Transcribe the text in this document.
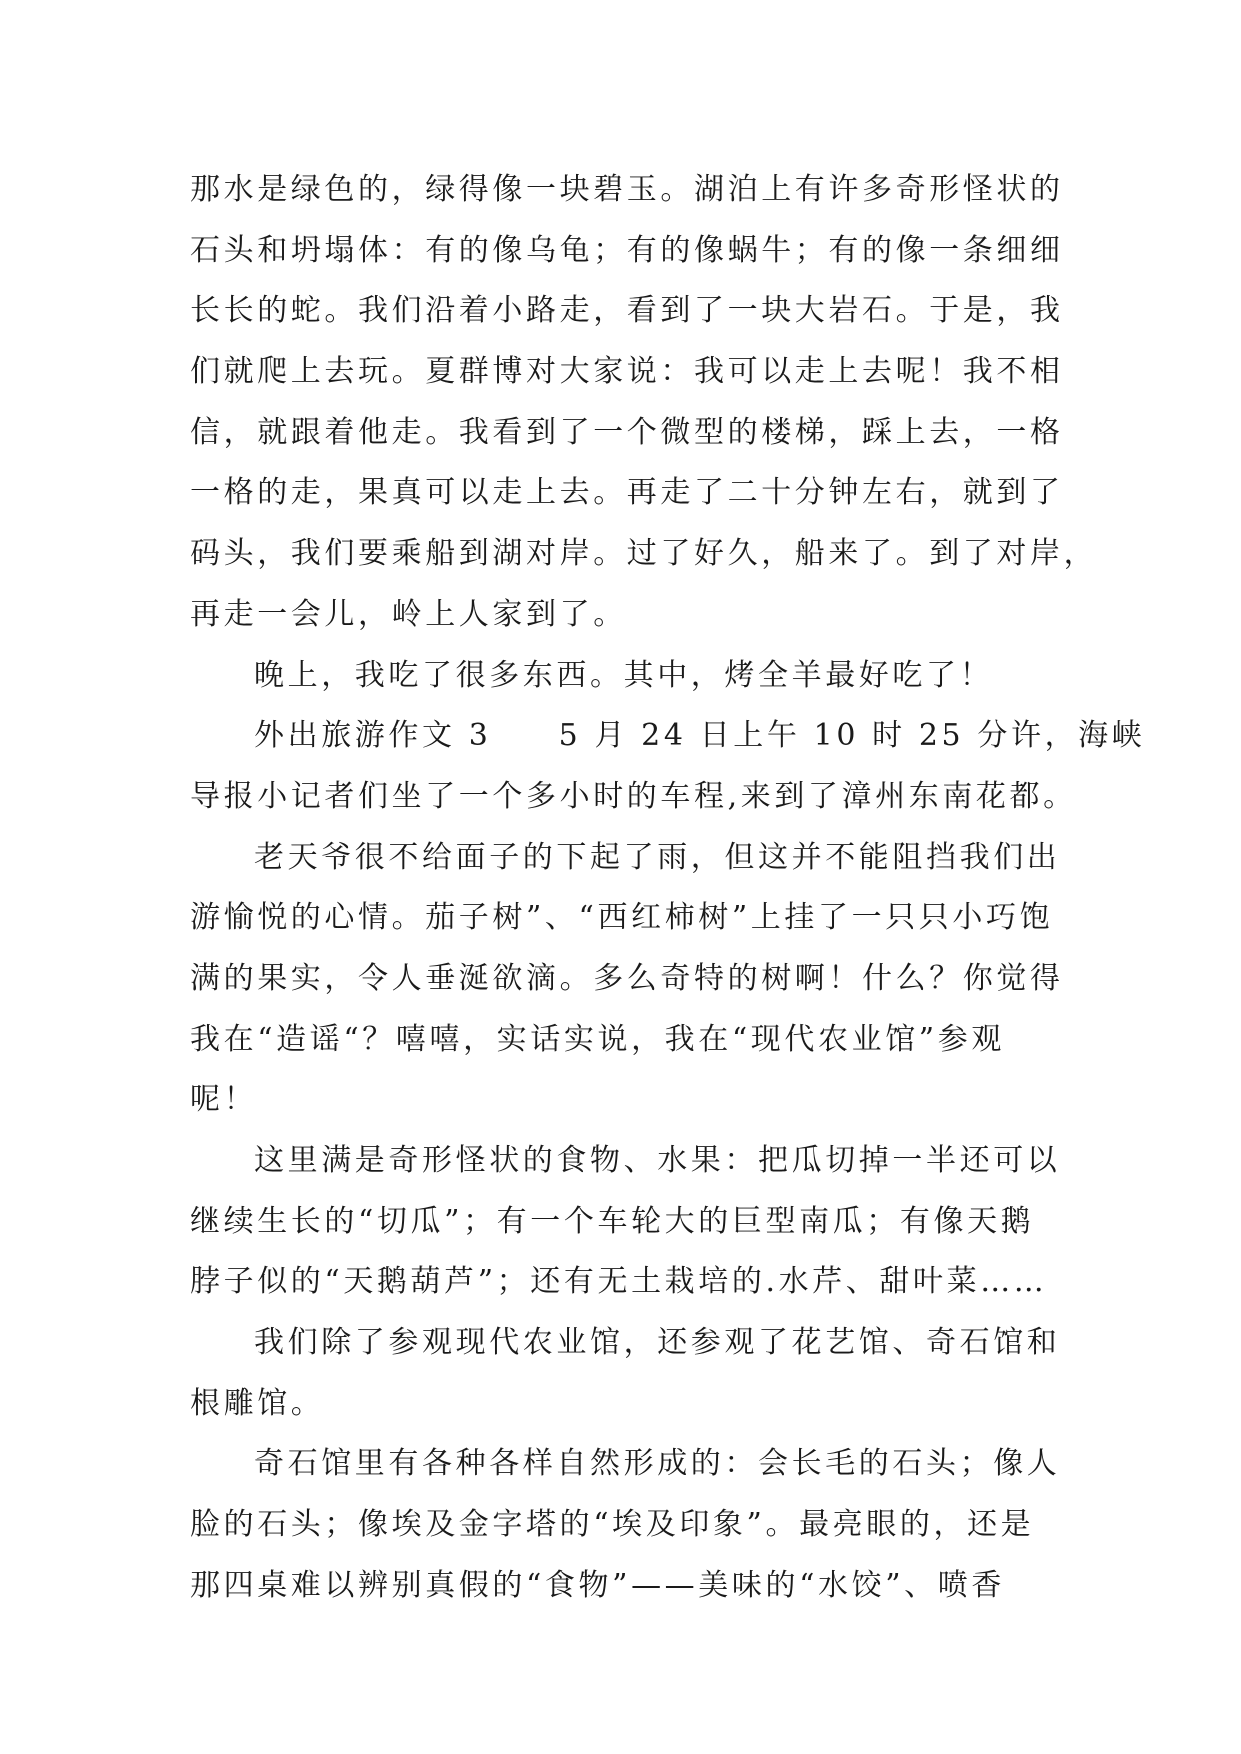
那水是绿色的，绿得像一块碧玉。湖泊上有许多奇形怪状的
石头和坍塌体：有的像乌龟；有的像蜗牛；有的像一条细细
长长的蛇。我们沿着小路走，看到了一块大岩石。于是，我
们就爬上去玩。夏群博对大家说：我可以走上去呢！我不相
信，就跟着他走。我看到了一个微型的楼梯，踩上去，一格
一格的走，果真可以走上去。再走了二十分钟左右，就到了
码头，我们要乘船到湖对岸。过了好久，船来了。到了对岸，
再走一会儿，岭上人家到了。
晚上，我吃了很多东西。其中，烤全羊最好吃了！
外出旅游作文 3　　5 月 24 日上午 10 时 25 分许，海峡
导报小记者们坐了一个多小时的车程,来到了漳州东南花都。
老天爷很不给面子的下起了雨，但这并不能阻挡我们出
游愉悦的心情。茄子树”、“西红柿树”上挂了一只只小巧饱
满的果实，令人垂涎欲滴。多么奇特的树啊！什么？你觉得
我在“造谣“？嘻嘻，实话实说，我在“现代农业馆”参观
呢！
这里满是奇形怪状的食物、水果：把瓜切掉一半还可以
继续生长的“切瓜”；有一个车轮大的巨型南瓜；有像天鹅
脖子似的“天鹅葫芦”；还有无土栽培的.水芹、甜叶菜……
我们除了参观现代农业馆，还参观了花艺馆、奇石馆和
根雕馆。
奇石馆里有各种各样自然形成的：会长毛的石头；像人
脸的石头；像埃及金字塔的“埃及印象”。最亮眼的，还是
那四桌难以辨别真假的“食物”——美味的“水饺”、喷香
